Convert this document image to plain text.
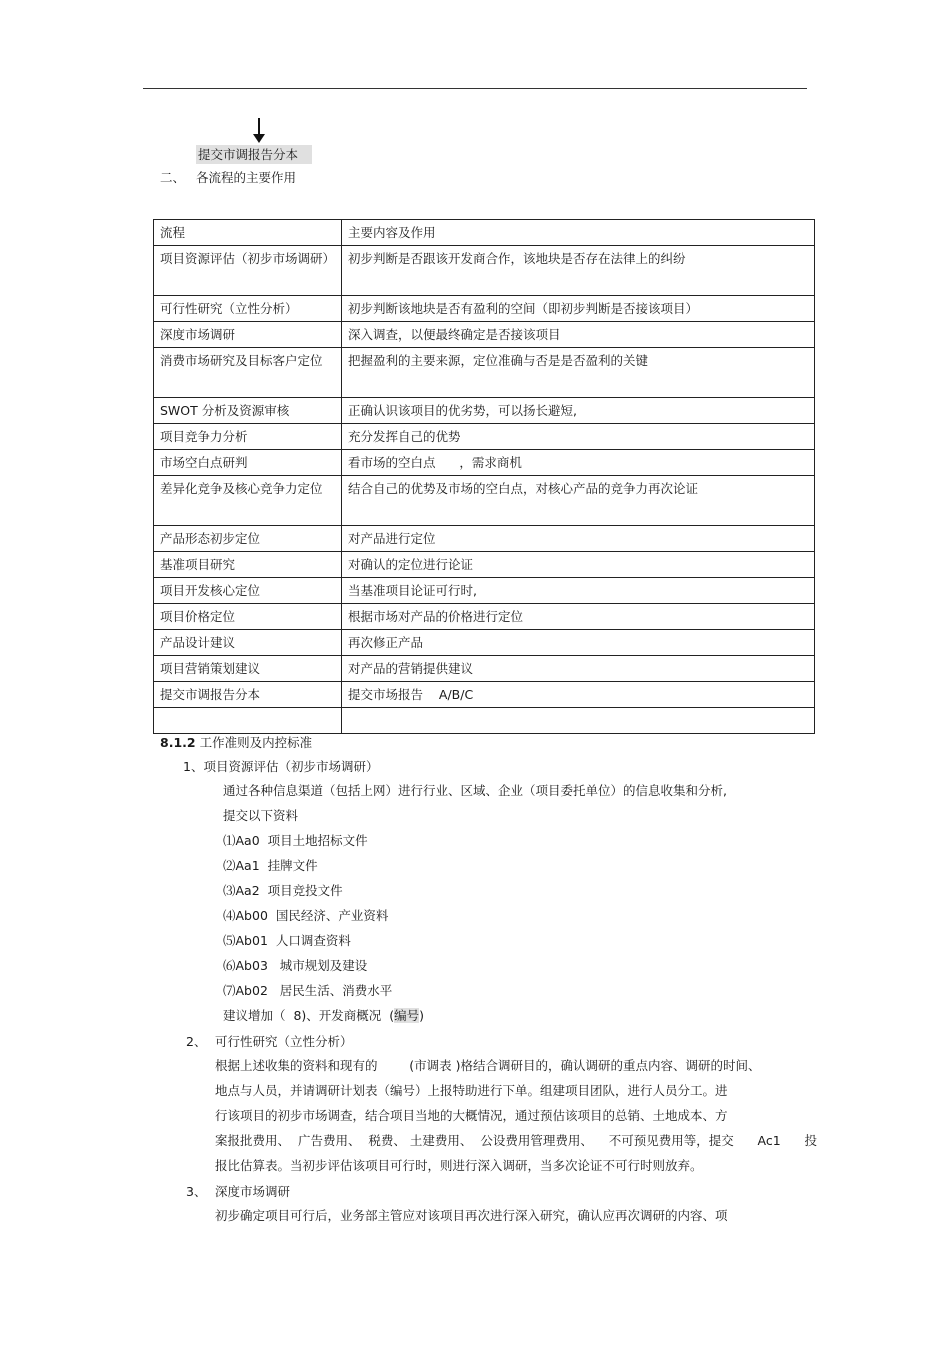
提交市调报告分本
二、 各流程的主要作用
流程	主要内容及作用
项目资源评估（初步市场调研）	初步判断是否跟该开发商合作，该地块是否存在法律上的纠纷
可行性研究（立性分析）	初步判断该地块是否有盈利的空间（即初步判断是否接该项目）
深度市场调研	深入调查，以便最终确定是否接该项目
消费市场研究及目标客户定位	把握盈利的主要来源，定位准确与否是是否盈利的关键
SWOT 分析及资源审核	正确认识该项目的优劣势，可以扬长避短,
项目竞争力分析	充分发挥自己的优势
市场空白点研判	看市场的空白点      ，需求商机
差异化竞争及核心竞争力定位	结合自己的优势及市场的空白点，对核心产品的竞争力再次论证
产品形态初步定位	对产品进行定位
基准项目研究	对确认的定位进行论证
项目开发核心定位	当基准项目论证可行时,
项目价格定位	根据市场对产品的价格进行定位
产品设计建议	再次修正产品
项目营销策划建议	对产品的营销提供建议
提交市调报告分本	提交市场报告    A/B/C

8.1.2 工作准则及内控标准
1、项目资源评估（初步市场调研）
通过各种信息渠道（包括上网）进行行业、区域、企业（项目委托单位）的信息收集和分析,
提交以下资料
⑴Aa0  项目土地招标文件
⑵Aa1  挂牌文件
⑶Aa2  项目竞投文件
⑷Ab00  国民经济、产业资料
⑸Ab01  人口调查资料
⑹Ab03   城市规划及建设
⑺Ab02   居民生活、消费水平
建议增加（  8)、开发商概况  (编号)
2、 可行性研究（立性分析）
根据上述收集的资料和现有的        (市调表 )格结合调研目的，确认调研的重点内容、调研的时间、
地点与人员，并请调研计划表（编号）上报特助进行下单。组建项目团队，进行人员分工。进
行该项目的初步市场调查，结合项目当地的大概情况，通过预估该项目的总销、土地成本、方
案报批费用、  广告费用、  税费、 土建费用、  公设费用管理费用、    不可预见费用等，提交      Ac1      投
报比估算表。当初步评估该项目可行时，则进行深入调研，当多次论证不可行时则放弃。
3、 深度市场调研
初步确定项目可行后，业务部主管应对该项目再次进行深入研究，确认应再次调研的内容、项
